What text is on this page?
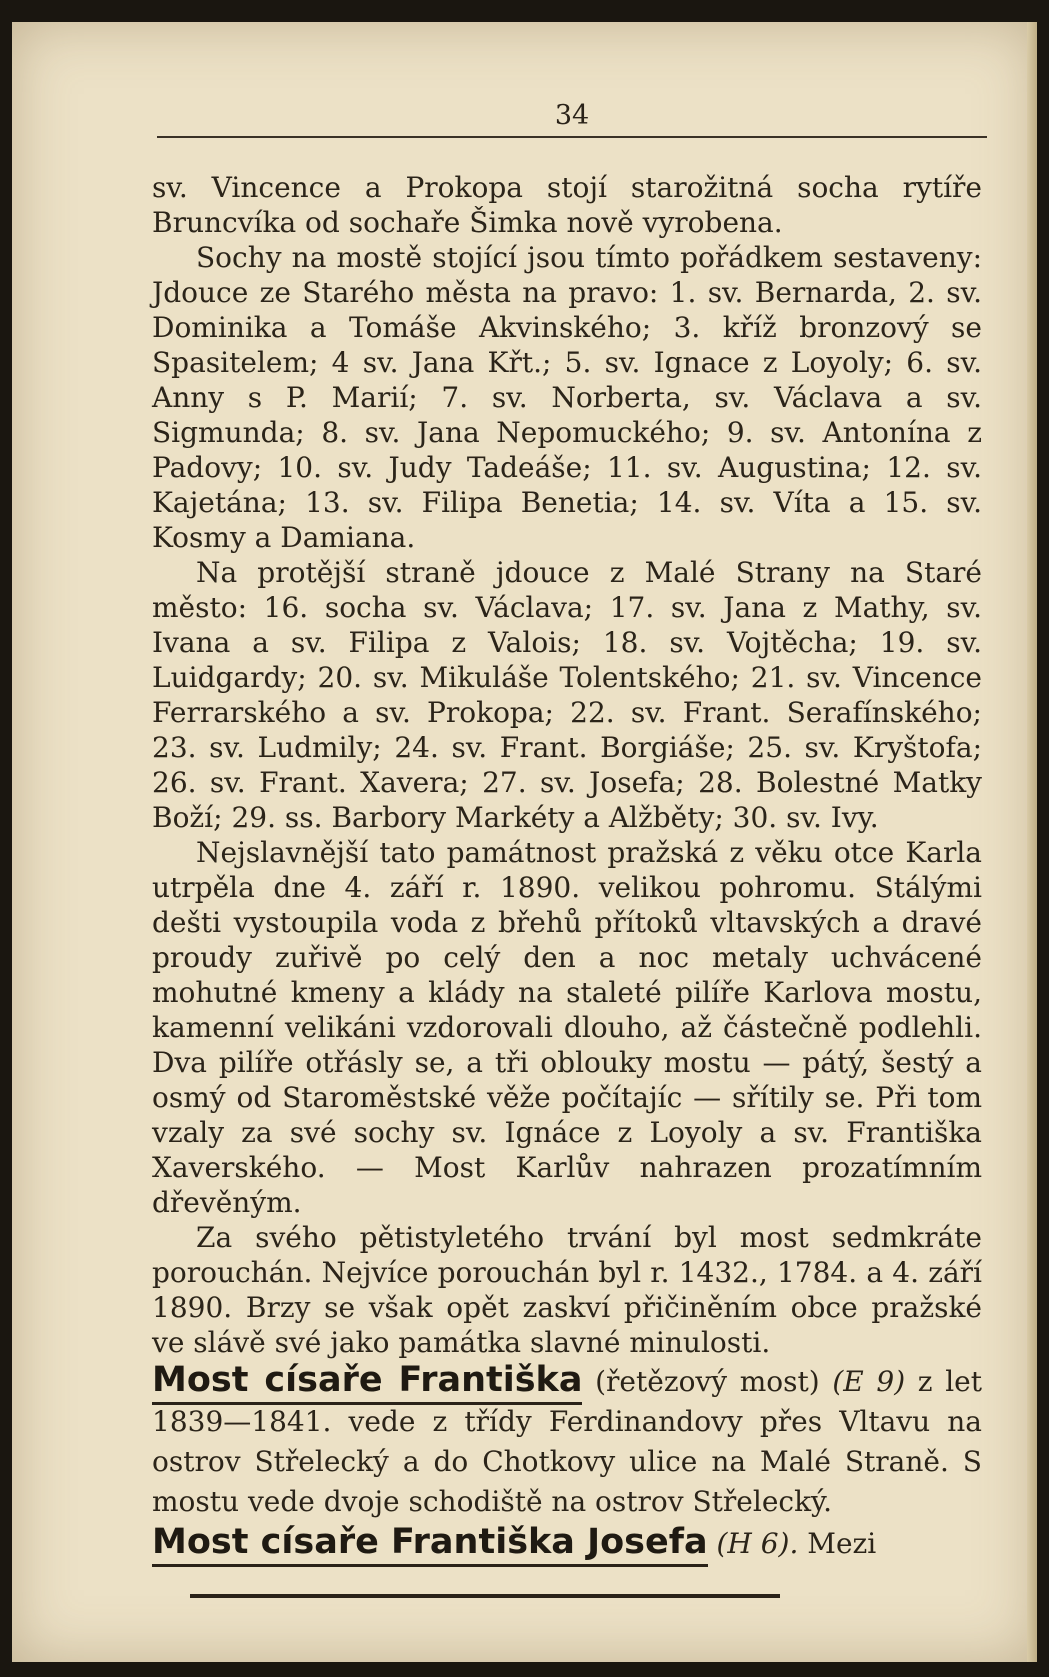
34

sv. Vincence a Prokopa stojí starožitná socha rytíře Bruncvíka od sochaře Šimka nově vyrobena.

Sochy na mostě stojící jsou tímto pořádkem sestaveny: Jdouce ze Starého města na pravo: 1. sv. Bernarda, 2. sv. Dominika a Tomáše Akvinského; 3. kříž bronzový se Spasitelem; 4 sv. Jana Křt.; 5. sv. Ignace z Loyoly; 6. sv. Anny s P. Marií; 7. sv. Norberta, sv. Václava a sv. Sigmunda; 8. sv. Jana Nepomuckého; 9. sv. Antonína z Padovy; 10. sv. Judy Tadeáše; 11. sv. Augustina; 12. sv. Kajetána; 13. sv. Filipa Benetia; 14. sv. Víta a 15. sv. Kosmy a Damiana.

Na protější straně jdouce z Malé Strany na Staré město: 16. socha sv. Václava; 17. sv. Jana z Mathy, sv. Ivana a sv. Filipa z Valois; 18. sv. Vojtěcha; 19. sv. Luidgardy; 20. sv. Mikuláše Tolentského; 21. sv. Vincence Ferrarského a sv. Prokopa; 22. sv. Frant. Serafínského; 23. sv. Ludmily; 24. sv. Frant. Borgiáše; 25. sv. Kryštofa; 26. sv. Frant. Xavera; 27. sv. Josefa; 28. Bolestné Matky Boží; 29. ss. Barbory Markéty a Alžběty; 30. sv. Ivy.

Nejslavnější tato památnost pražská z věku otce Karla utrpěla dne 4. září r. 1890. velikou pohromu. Stálými dešti vystoupila voda z břehů přítoků vltavských a dravé proudy zuřivě po celý den a noc metaly uchvácené mohutné kmeny a klády na staleté pilíře Karlova mostu, kamenní velikáni vzdorovali dlouho, až částečně podlehli. Dva pilíře otřásly se, a tři oblouky mostu — pátý, šestý a osmý od Staroměstské věže počítajíc — sřítily se. Při tom vzaly za své sochy sv. Ignáce z Loyoly a sv. Františka Xaverského. — Most Karlův nahrazen prozatímním dřevěným.

Za svého pětistyletého trvání byl most sedmkráte porouchán. Nejvíce porouchán byl r. 1432., 1784. a 4. září 1890. Brzy se však opět zaskví přičiněním obce pražské ve slávě své jako památka slavné minulosti.

Most císaře Františka (řetězový most) (E 9) z let 1839—1841. vede z třídy Ferdinandovy přes Vltavu na ostrov Střelecký a do Chotkovy ulice na Malé Straně. S mostu vede dvoje schodiště na ostrov Střelecký.

Most císaře Františka Josefa (H 6). Mezi
